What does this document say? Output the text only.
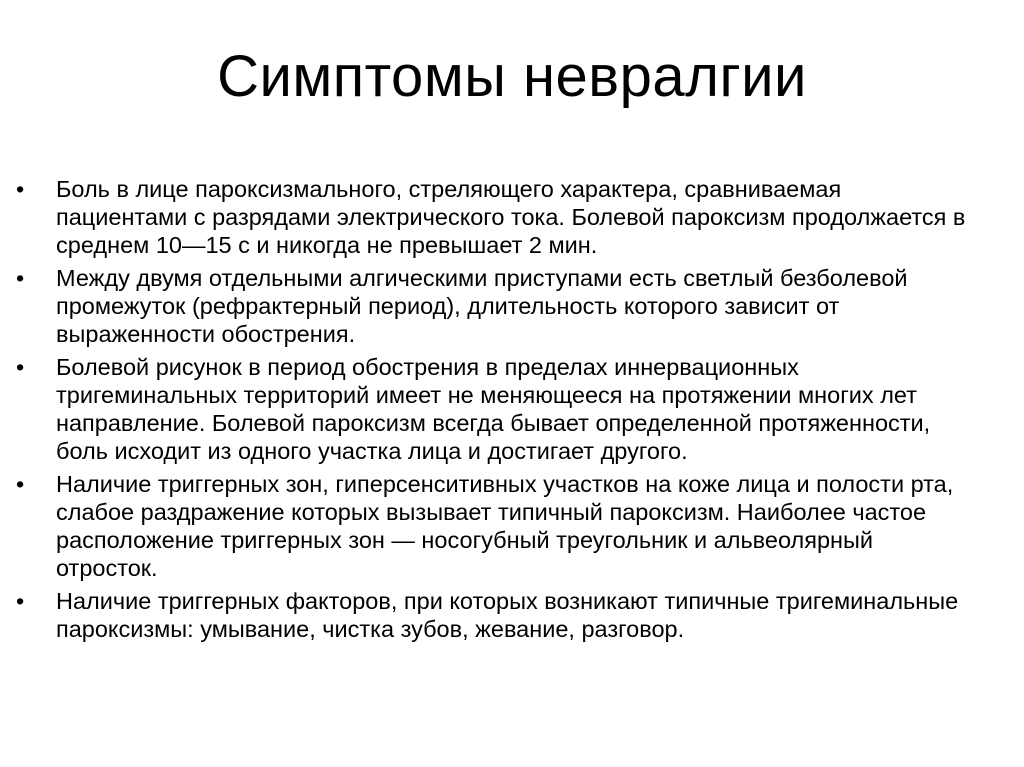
Симптомы невралгии
•	Боль в лице пароксизмального, стреляющего характера, сравниваемая пациентами с разрядами электрического тока. Болевой пароксизм продолжается в среднем 10—15 с и никогда не превышает 2 мин.
•	Между двумя отдельными алгическими приступами есть светлый безболевой промежуток (рефрактерный период), длительность которого зависит от выраженности обострения.
•	Болевой рисунок в период обострения в пределах иннервационных тригеминальных территорий имеет не меняющееся на протяжении многих лет направление. Болевой пароксизм всегда бывает определенной протяженности, боль исходит из одного участка лица и достигает другого.
•	Наличие триггерных зон, гиперсенситивных участков на коже лица и полости рта, слабое раздражение которых вызывает типичный пароксизм. Наиболее частое расположение триггерных зон — носогубный треугольник и альвеолярный отросток.
•	Наличие триггерных факторов, при которых возникают типичные тригеминальные пароксизмы: умывание, чистка зубов, жевание, разговор.
